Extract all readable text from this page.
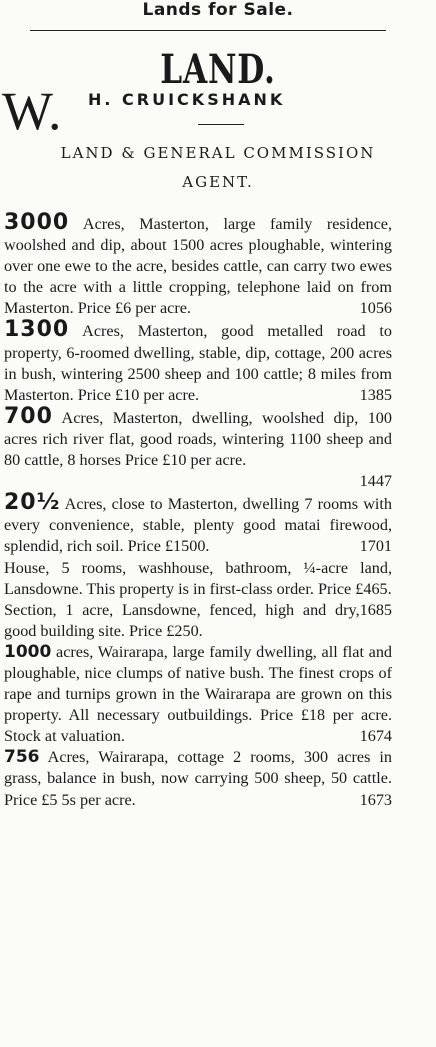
Lands for Sale.
LAND.
W. H. CRUICKSHANK
LAND & GENERAL COMMISSION
AGENT.

3000 Acres, Masterton, large family residence, woolshed and dip, about 1500 acres ploughable, wintering over one ewe to the acre, besides cattle, can carry two ewes to the acre with a little cropping, telephone laid on from Masterton. Price £6 per acre.	1056

1300 Acres, Masterton, good metalled road to property, 6-roomed dwelling, stable, dip, cottage, 200 acres in bush, wintering 2500 sheep and 100 cattle; 8 miles from Masterton. Price £10 per acre.	1385

700 Acres, Masterton, dwelling, woolshed dip, 100 acres rich river flat, good roads, wintering 1100 sheep and 80 cattle, 8 horses Price £10 per acre.

1447

20½ Acres, close to Masterton, dwelling 7 rooms with every convenience, stable, plenty good matai firewood, splendid, rich soil. Price £1500.	1701

House, 5 rooms, washhouse, bathroom, ¼-acre land, Lansdowne. This property is in first-class order. Price £465.
1685

Section, 1 acre, Lansdowne, fenced, high and dry, good building site. Price £250.

1000 acres, Wairarapa, large family dwelling, all flat and ploughable, nice clumps of native bush. The finest crops of rape and turnips grown in the Wairarapa are grown on this property. All necessary outbuildings. Price £18 per acre. Stock at valuation.	1674

756 Acres, Wairarapa, cottage 2 rooms, 300 acres in grass, balance in bush, now carrying 500 sheep, 50 cattle. Price £5 5s per acre.	1673
